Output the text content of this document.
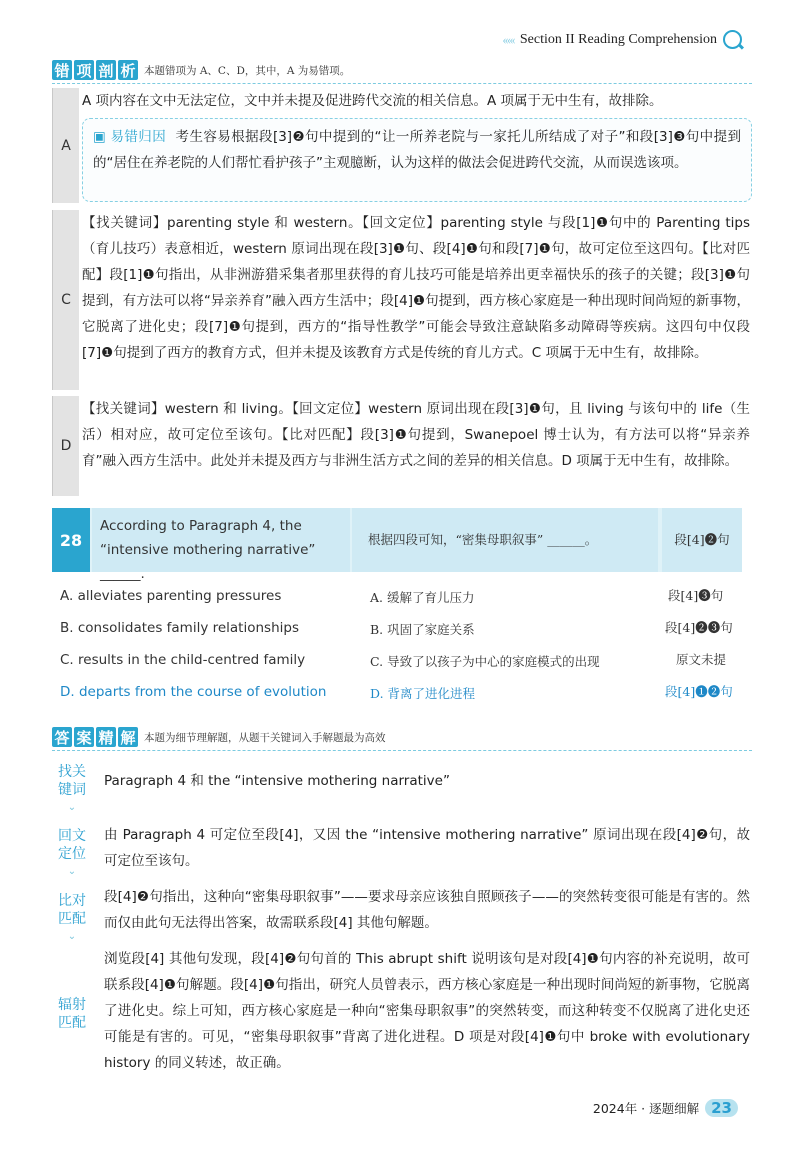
‹‹‹‹‹ Section II Reading Comprehension
错 项 剖 析 本题错项为 A、C、D，其中，A 为易错项。
A
A 项内容在文中无法定位，文中并未提及促进跨代交流的相关信息。A 项属于无中生有，故排除。
▣ 易错归因 考生容易根据段[3]❷句中提到的“让一所养老院与一家托儿所结成了对子”和段[3]❸句中提到的“居住在养老院的人们帮忙看护孩子”主观臆断，认为这样的做法会促进跨代交流，从而误选该项。
C
【找关键词】parenting style 和 western。【回文定位】parenting style 与段[1]❶句中的 Parenting tips（育儿技巧）表意相近，western 原词出现在段[3]❶句、段[4]❶句和段[7]❶句，故可定位至这四句。【比对匹配】段[1]❶句指出，从非洲游猎采集者那里获得的育儿技巧可能是培养出更幸福快乐的孩子的关键；段[3]❶句提到，有方法可以将“异亲养育”融入西方生活中；段[4]❶句提到，西方核心家庭是一种出现时间尚短的新事物，它脱离了进化史；段[7]❶句提到，西方的“指导性教学”可能会导致注意缺陷多动障碍等疾病。这四句中仅段[7]❶句提到了西方的教育方式，但并未提及该教育方式是传统的育儿方式。C 项属于无中生有，故排除。
D
【找关键词】western 和 living。【回文定位】western 原词出现在段[3]❶句，且 living 与该句中的 life（生活）相对应，故可定位至该句。【比对匹配】段[3]❶句提到，Swanepoel 博士认为，有方法可以将“异亲养育”融入西方生活中。此处并未提及西方与非洲生活方式之间的差异的相关信息。D 项属于无中生有，故排除。
28
According to Paragraph 4, the “intensive mothering narrative” ______.
根据四段可知，“密集母职叙事” ______。	段[4]❷句
A. alleviates parenting pressures	A. 缓解了育儿压力	段[4]❸句
B. consolidates family relationships	B. 巩固了家庭关系	段[4]❷❸句
C. results in the child-centred family	C. 导致了以孩子为中心的家庭模式的出现	原文未提
D. departs from the course of evolution	D. 背离了进化进程	段[4]❶❷句
答 案 精 解 本题为细节理解题，从题干关键词入手解题最为高效
找关
键词
⌄
Paragraph 4 和 the “intensive mothering narrative”
回文
定位
⌄
由 Paragraph 4 可定位至段[4]，又因 the “intensive mothering narrative” 原词出现在段[4]❷句，故可定位至该句。
比对
匹配
⌄
段[4]❷句指出，这种向“密集母职叙事”——要求母亲应该独自照顾孩子——的突然转变很可能是有害的。然而仅由此句无法得出答案，故需联系段[4] 其他句解题。
辐射
匹配
浏览段[4] 其他句发现，段[4]❷句句首的 This abrupt shift 说明该句是对段[4]❶句内容的补充说明，故可联系段[4]❶句解题。段[4]❶句指出，研究人员曾表示，西方核心家庭是一种出现时间尚短的新事物，它脱离了进化史。综上可知，西方核心家庭是一种向“密集母职叙事”的突然转变，而这种转变不仅脱离了进化史还可能是有害的。可见，“密集母职叙事”背离了进化进程。D 项是对段[4]❶句中 broke with evolutionary history 的同义转述，故正确。
2024年 · 逐题细解 23
